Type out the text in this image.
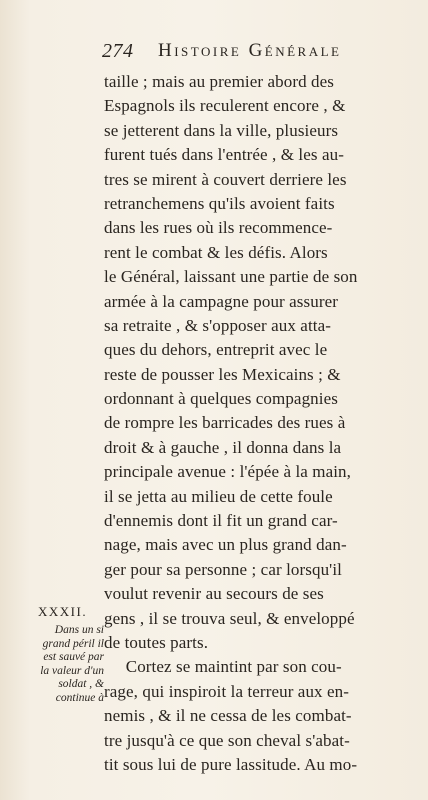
274 Histoire Générale
taille ; mais au premier abord des
Espagnols ils reculerent encore , &
se jetterent dans la ville, plusieurs
furent tués dans l'entrée , & les au-
tres se mirent à couvert derriere les
retranchemens qu'ils avoient faits
dans les rues où ils recommence-
rent le combat & les défis. Alors
le Général, laissant une partie de son
armée à la campagne pour assurer
sa retraite , & s'opposer aux atta-
ques du dehors, entreprit avec le
reste de pousser les Mexicains ; &
ordonnant à quelques compagnies
de rompre les barricades des rues à
droit & à gauche , il donna dans la
principale avenue : l'épée à la main,
il se jetta au milieu de cette foule
d'ennemis dont il fit un grand car-
nage, mais avec un plus grand dan-
ger pour sa personne ; car lorsqu'il
voulut revenir au secours de ses
gens , il se trouva seul, & enveloppé
de toutes parts.
Cortez se maintint par son cou-
rage, qui inspiroit la terreur aux en-
nemis , & il ne cessa de les combat-
tre jusqu'à ce que son cheval s'abat-
tit sous lui de pure lassitude. Au mo-
XXXII.
Dans un si
grand péril il
est sauvé par
la valeur d'un
soldat , &
continue à
